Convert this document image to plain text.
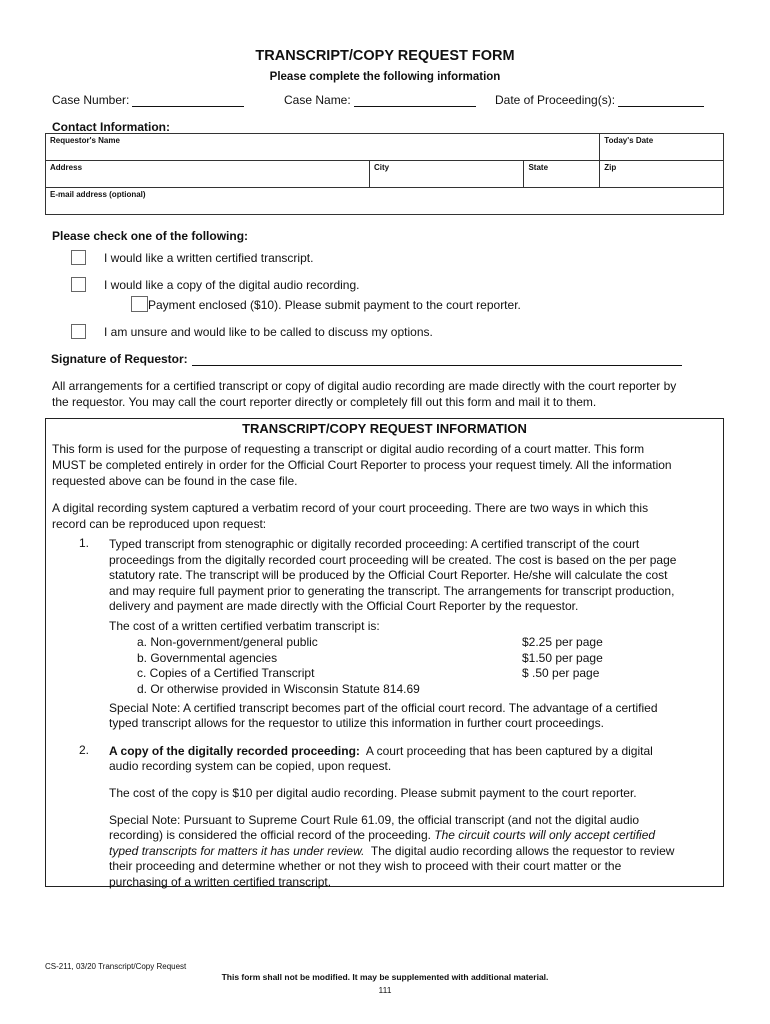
TRANSCRIPT/COPY REQUEST FORM
Please complete the following information
Case Number:	Case Name:	Date of Proceeding(s):
Contact Information:
Requestor's Name			Today's Date
Address	City	State	Zip
E-mail address (optional)			
Please check one of the following:
I would like a written certified transcript.
I would like a copy of the digital audio recording.
Payment enclosed ($10). Please submit payment to the court reporter.
I am unsure and would like to be called to discuss my options.
Signature of Requestor:
All arrangements for a certified transcript or copy of digital audio recording are made directly with the court reporter by
the requestor. You may call the court reporter directly or completely fill out this form and mail it to them.
TRANSCRIPT/COPY REQUEST INFORMATION
This form is used for the purpose of requesting a transcript or digital audio recording of a court matter. This form
MUST be completed entirely in order for the Official Court Reporter to process your request timely. All the information
requested above can be found in the case file.
A digital recording system captured a verbatim record of your court proceeding. There are two ways in which this
record can be reproduced upon request:
1. Typed transcript from stenographic or digitally recorded proceeding: A certified transcript of the court
proceedings from the digitally recorded court proceeding will be created. The cost is based on the per page
statutory rate. The transcript will be produced by the Official Court Reporter. He/she will calculate the cost
and may require full payment prior to generating the transcript. The arrangements for transcript production,
delivery and payment are made directly with the Official Court Reporter by the requestor.
The cost of a written certified verbatim transcript is:
a. Non-government/general public	$2.25 per page
b. Governmental agencies	$1.50 per page
c. Copies of a Certified Transcript	$ .50 per page
d. Or otherwise provided in Wisconsin Statute 814.69
Special Note: A certified transcript becomes part of the official court record. The advantage of a certified
typed transcript allows for the requestor to utilize this information in further court proceedings.
2. A copy of the digitally recorded proceeding:  A court proceeding that has been captured by a digital
audio recording system can be copied, upon request.
The cost of the copy is $10 per digital audio recording. Please submit payment to the court reporter.
Special Note: Pursuant to Supreme Court Rule 61.09, the official transcript (and not the digital audio
recording) is considered the official record of the proceeding. The circuit courts will only accept certified
typed transcripts for matters it has under review.  The digital audio recording allows the requestor to review
their proceeding and determine whether or not they wish to proceed with their court matter or the
purchasing of a written certified transcript.
CS-211, 03/20 Transcript/Copy Request
This form shall not be modified. It may be supplemented with additional material.
111
